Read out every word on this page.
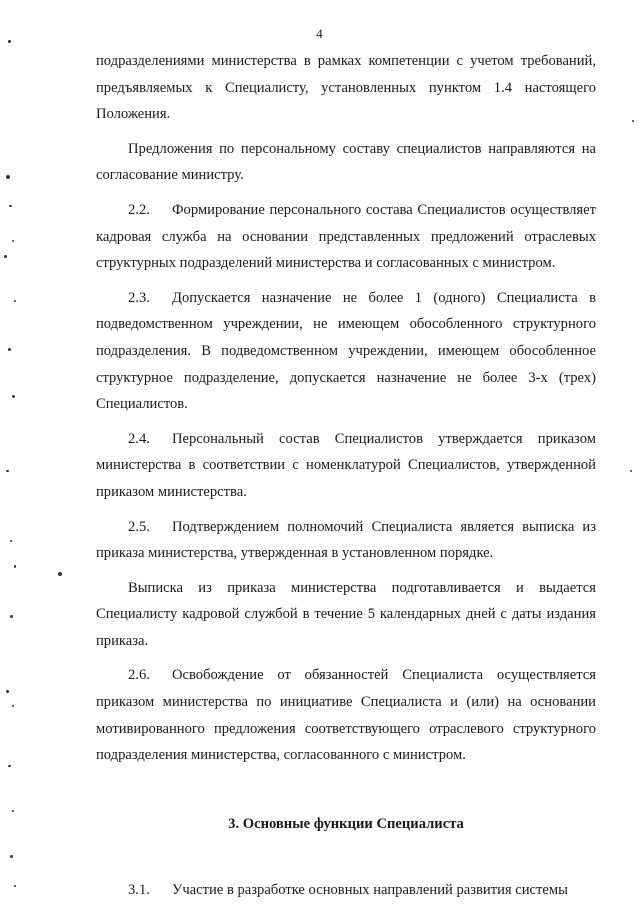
4

подразделениями министерства в рамках компетенции с учетом требований, предъявляемых к Специалисту, установленных пунктом 1.4 настоящего Положения.

Предложения по персональному составу специалистов направляются на согласование министру.

2.2. Формирование персонального состава Специалистов осуществляет кадровая служба на основании представленных предложений отраслевых структурных подразделений министерства и согласованных с министром.

2.3. Допускается назначение не более 1 (одного) Специалиста в подведомственном учреждении, не имеющем обособленного структурного подразделения. В подведомственном учреждении, имеющем обособленное структурное подразделение, допускается назначение не более 3-х (трех) Специалистов.

2.4. Персональный состав Специалистов утверждается приказом министерства в соответствии с номенклатурой Специалистов, утвержденной приказом министерства.

2.5. Подтверждением полномочий Специалиста является выписка из приказа министерства, утвержденная в установленном порядке.

Выписка из приказа министерства подготавливается и выдается Специалисту кадровой службой в течение 5 календарных дней с даты издания приказа.

2.6. Освобождение от обязанностей Специалиста осуществляется приказом министерства по инициативе Специалиста и (или) на основании мотивированного предложения соответствующего отраслевого структурного подразделения министерства, согласованного с министром.

3. Основные функции Специалиста

3.1. Участие в разработке основных направлений развития системы
